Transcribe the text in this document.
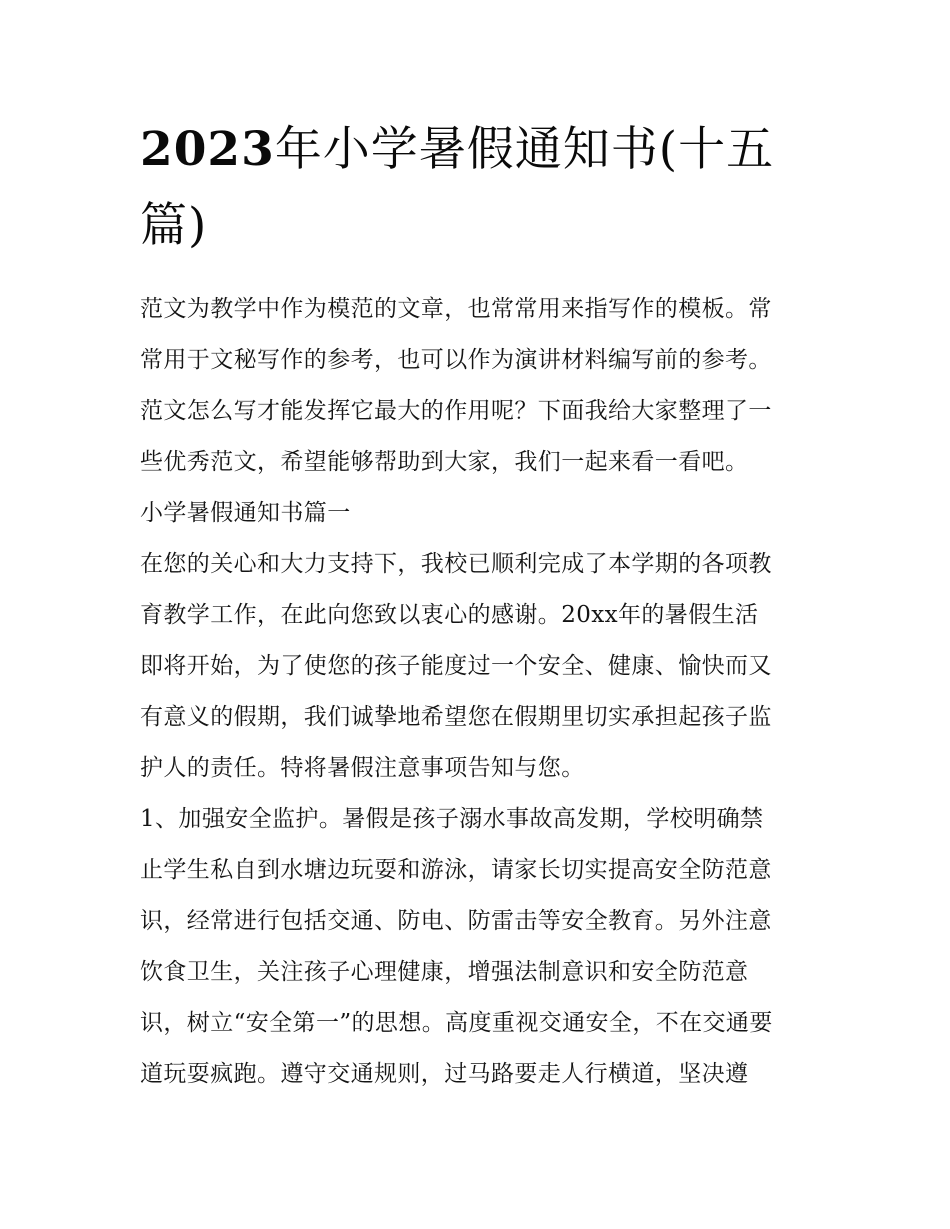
2023年小学暑假通知书(十五
篇)

范文为教学中作为模范的文章，也常常用来指写作的模板。常
常用于文秘写作的参考，也可以作为演讲材料编写前的参考。
范文怎么写才能发挥它最大的作用呢？下面我给大家整理了一
些优秀范文，希望能够帮助到大家，我们一起来看一看吧。

小学暑假通知书篇一

在您的关心和大力支持下，我校已顺利完成了本学期的各项教
育教学工作，在此向您致以衷心的感谢。20xx年的暑假生活
即将开始，为了使您的孩子能度过一个安全、健康、愉快而又
有意义的假期，我们诚挚地希望您在假期里切实承担起孩子监
护人的责任。特将暑假注意事项告知与您。

1、加强安全监护。暑假是孩子溺水事故高发期，学校明确禁
止学生私自到水塘边玩耍和游泳，请家长切实提高安全防范意
识，经常进行包括交通、防电、防雷击等安全教育。另外注意
饮食卫生，关注孩子心理健康，增强法制意识和安全防范意
识，树立“安全第一”的思想。高度重视交通安全，不在交通要
道玩耍疯跑。遵守交通规则，过马路要走人行横道，坚决遵
